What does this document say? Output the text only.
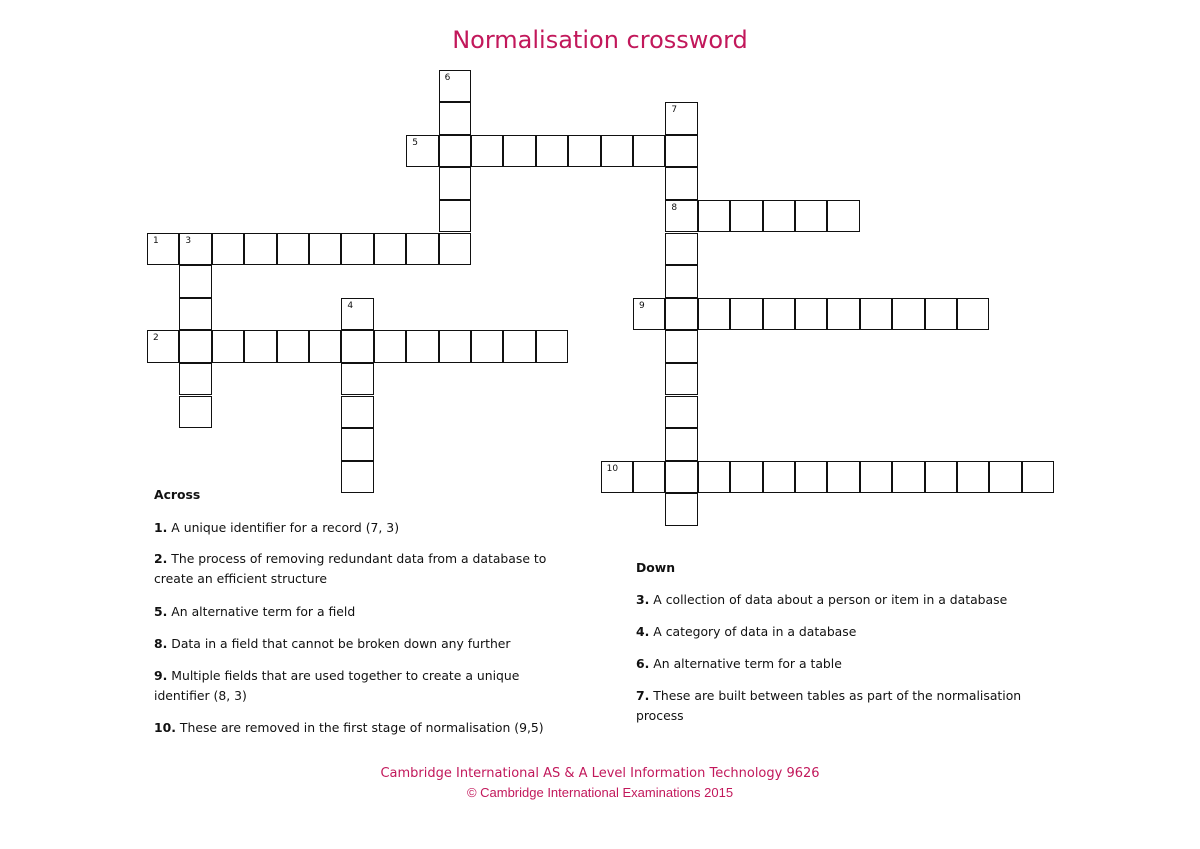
Normalisation crossword
1
2
3
4
5
6
7
8
9
10
Across
1. A unique identifier for a record (7, 3)
2. The process of removing redundant data from a database to create an efficient structure
5. An alternative term for a field
8. Data in a field that cannot be broken down any further
9. Multiple fields that are used together to create a unique identifier (8, 3)
10. These are removed in the first stage of normalisation (9,5)
Down
3. A collection of data about a person or item in a database
4. A category of data in a database
6. An alternative term for a table
7. These are built between tables as part of the normalisation process
Cambridge International AS & A Level Information Technology 9626
© Cambridge International Examinations 2015
